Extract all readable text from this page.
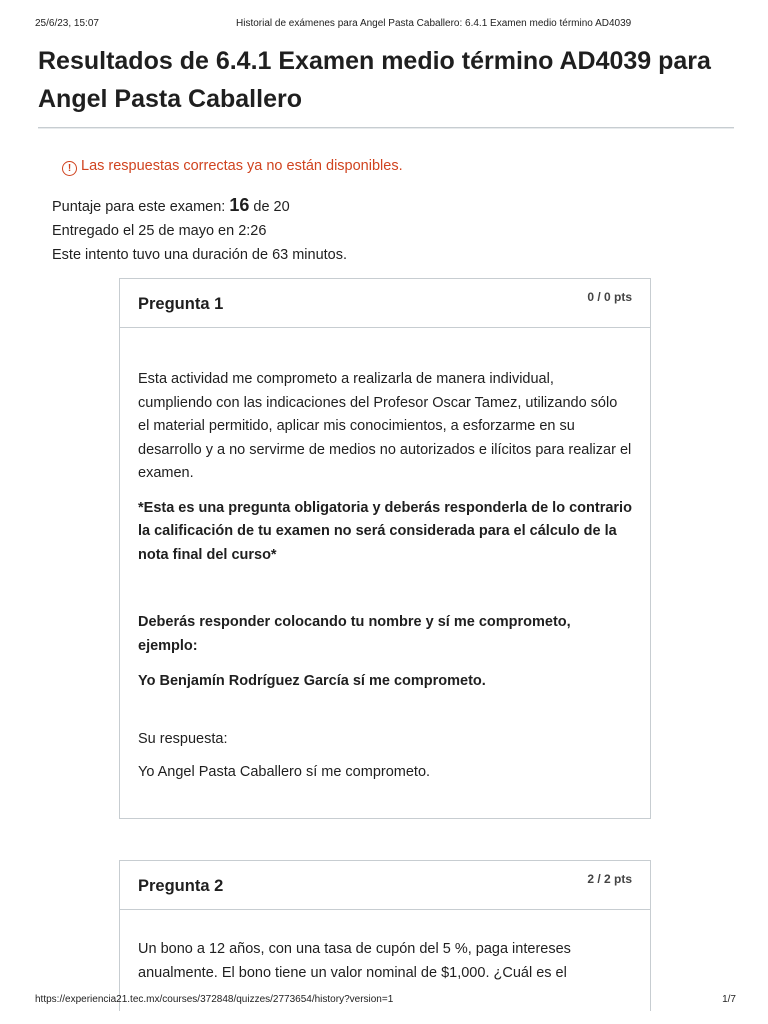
25/6/23, 15:07	Historial de exámenes para Angel Pasta Caballero: 6.4.1 Examen medio término AD4039
Resultados de 6.4.1 Examen medio término AD4039 para Angel Pasta Caballero
! Las respuestas correctas ya no están disponibles.
Puntaje para este examen: 16 de 20
Entregado el 25 de mayo en 2:26
Este intento tuvo una duración de 63 minutos.
Pregunta 1	0 / 0 pts

Esta actividad me comprometo a realizarla de manera individual, cumpliendo con las indicaciones del Profesor Oscar Tamez, utilizando sólo el material permitido, aplicar mis conocimientos, a esforzarme en su desarrollo y a no servirme de medios no autorizados e ilícitos para realizar el examen.

*Esta es una pregunta obligatoria y deberás responderla de lo contrario la calificación de tu examen no será considerada para el cálculo de la nota final del curso*

Deberás responder colocando tu nombre y sí me comprometo, ejemplo:

Yo Benjamín Rodríguez García sí me comprometo.

Su respuesta:

Yo Angel Pasta Caballero sí me comprometo.

Pregunta 2	2 / 2 pts

Un bono a 12 años, con una tasa de cupón del 5 %, paga intereses anualmente. El bono tiene un valor nominal de $1,000. ¿Cuál es el

https://experiencia21.tec.mx/courses/372848/quizzes/2773654/history?version=1	1/7
